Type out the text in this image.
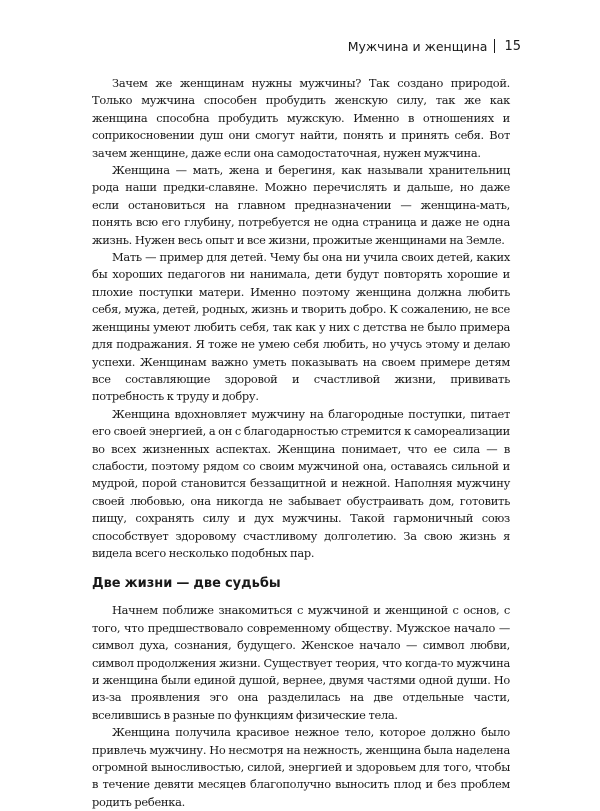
Мужчина и женщина 15

Зачем же женщинам нужны мужчины? Так создано природой. Только мужчина способен пробудить женскую силу, так же как женщина способна пробудить мужскую. Именно в отношениях и соприкосновении душ они смогут найти, понять и принять себя. Вот зачем женщине, даже если она самодостаточная, нужен мужчина.

Женщина — мать, жена и берегиня, как называли хранительниц рода наши предки-славяне. Можно перечислять и дальше, но даже если остановиться на главном предназначении — женщина-мать, понять всю его глубину, потребуется не одна страница и даже не одна жизнь. Нужен весь опыт и все жизни, прожитые женщинами на Земле.

Мать — пример для детей. Чему бы она ни учила своих детей, каких бы хороших педагогов ни нанимала, дети будут повторять хорошие и плохие поступки матери. Именно поэтому женщина должна любить себя, мужа, детей, родных, жизнь и творить добро. К сожалению, не все женщины умеют любить себя, так как у них с детства не было примера для подражания. Я тоже не умею себя любить, но учусь этому и делаю успехи. Женщинам важно уметь показывать на своем примере детям все составляющие здоровой и счастливой жизни, прививать потребность к труду и добру.

Женщина вдохновляет мужчину на благородные поступки, питает его своей энергией, а он с благодарностью стремится к самореализации во всех жизненных аспектах. Женщина понимает, что ее сила — в слабости, поэтому рядом со своим мужчиной она, оставаясь сильной и мудрой, порой становится беззащитной и нежной. Наполняя мужчину своей любовью, она никогда не забывает обустраивать дом, готовить пищу, сохранять силу и дух мужчины. Такой гармоничный союз способствует здоровому счастливому долголетию. За свою жизнь я видела всего несколько подобных пар.

Две жизни — две судьбы

Начнем поближе знакомиться с мужчиной и женщиной с основ, с того, что предшествовало современному обществу. Мужское начало — символ духа, сознания, будущего. Женское начало — символ любви, символ продолжения жизни. Существует теория, что когда-то мужчина и женщина были единой душой, вернее, двумя частями одной души. Но из-за проявления эго она разделилась на две отдельные части, вселившись в разные по функциям физические тела.

Женщина получила красивое нежное тело, которое должно было привлечь мужчину. Но несмотря на нежность, женщина была наделена огромной выносливостью, силой, энергией и здоровьем для того, чтобы в течение девяти месяцев благополучно выносить плод и без проблем родить ребенка.
